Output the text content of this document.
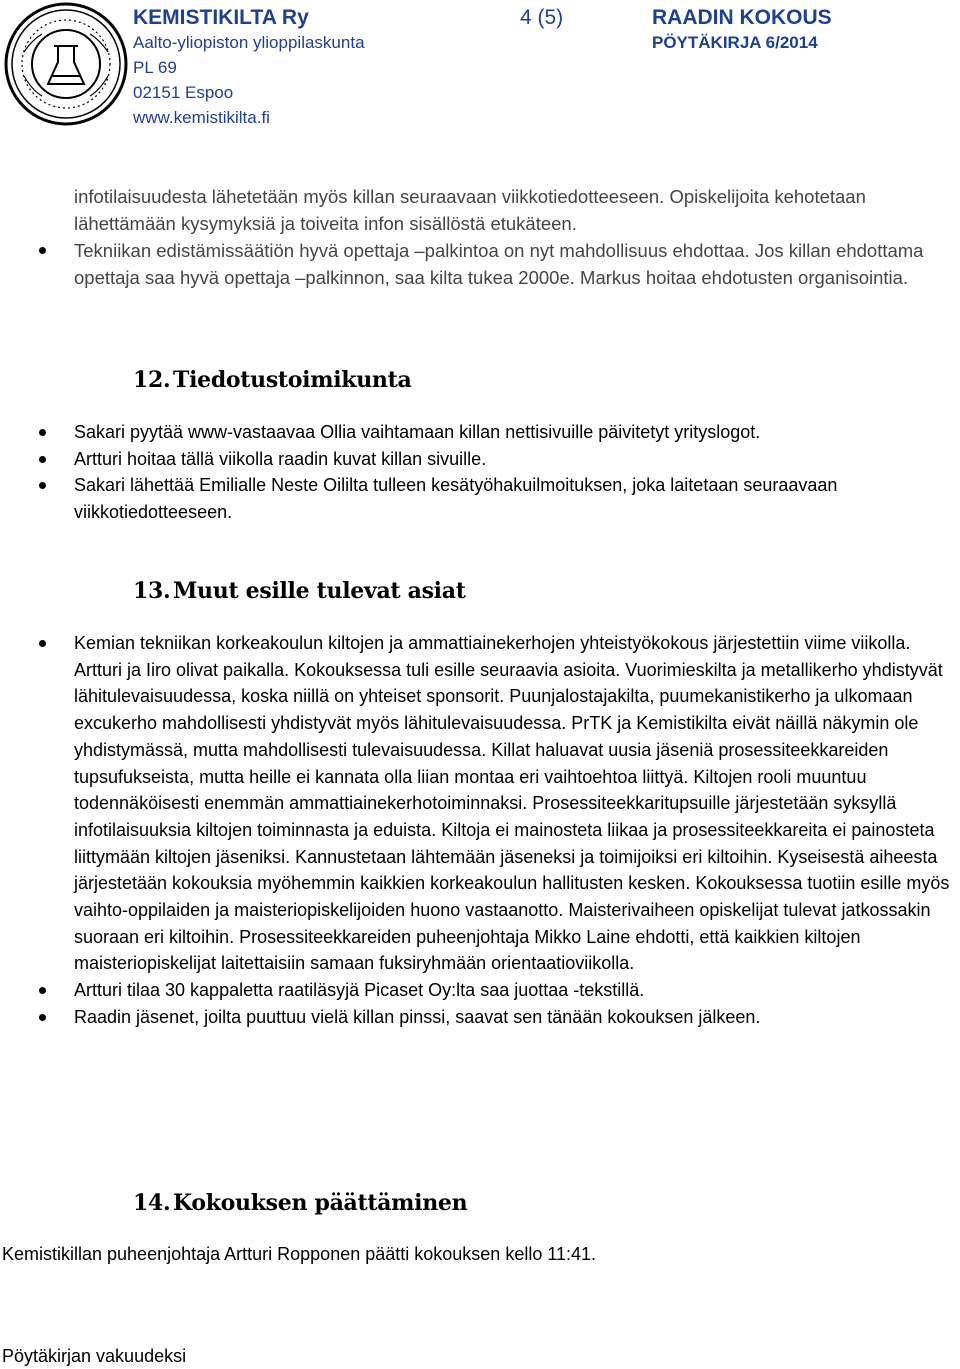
KEMISTIKILTA Ry
Aalto-yliopiston ylioppilaskunta
PL 69
02151 Espoo
www.kemistikilta.fi
4 (5)	RAADIN KOKOUS
PÖYTÄKIRJA 6/2014
infotilaisuudesta lähetetään myös killan seuraavaan viikkotiedotteeseen. Opiskelijoita kehotetaan lähettämään kysymyksiä ja toiveita infon sisällöstä etukäteen.
Tekniikan edistämissäätiön hyvä opettaja –palkintoa on nyt mahdollisuus ehdottaa. Jos killan ehdottama opettaja saa hyvä opettaja –palkinnon, saa kilta tukea 2000e. Markus hoitaa ehdotusten organisointia.
12. Tiedotustoimikunta
Sakari pyytää www-vastaavaa Ollia vaihtamaan killan nettisivuille päivitetyt yrityslogot.
Artturi hoitaa tällä viikolla raadin kuvat killan sivuille.
Sakari lähettää Emilialle Neste Oililta tulleen kesätyöhakuilmoituksen, joka laitetaan seuraavaan viikkotiedotteeseen.
13. Muut esille tulevat asiat
Kemian tekniikan korkeakoulun kiltojen ja ammattiainekerhojen yhteistyökokous järjestettiin viime viikolla. Artturi ja Iiro olivat paikalla. Kokouksessa tuli esille seuraavia asioita. Vuorimieskilta ja metallikerho yhdistyvät lähitulevaisuudessa, koska niillä on yhteiset sponsorit. Puunjalostajakilta, puumekanistikerho ja ulkomaan excukerho mahdollisesti yhdistyvät myös lähitulevaisuudessa. PrTK ja Kemistikilta eivät näillä näkymin ole yhdistymässä, mutta mahdollisesti tulevaisuudessa. Killat haluavat uusia jäseniä prosessiteekkareiden tupsufukseista, mutta heille ei kannata olla liian montaa eri vaihtoehtoa liittyä. Kiltojen rooli muuntuu todennäköisesti enemmän ammattiainekerhotoiminnaksi. Prosessiteekkaritupsuille järjestetään syksyllä infotilaisuuksia kiltojen toiminnasta ja eduista. Kiltoja ei mainosteta liikaa ja prosessiteekkareita ei painosteta liittymään kiltojen jäseniksi. Kannustetaan lähtemään jäseneksi ja toimijoiksi eri kiltoihin. Kyseisestä aiheesta järjestetään kokouksia myöhemmin kaikkien korkeakoulun hallitusten kesken. Kokouksessa tuotiin esille myös vaihto-oppilaiden ja maisteriopiskelijoiden huono vastaanotto. Maisterivaiheen opiskelijat tulevat jatkossakin suoraan eri kiltoihin. Prosessiteekkareiden puheenjohtaja Mikko Laine ehdotti, että kaikkien kiltojen maisteriopiskelijat laitettaisiin samaan fuksiryhmään orientaatioviikolla.
Artturi tilaa 30 kappaletta raatiläsyjä Picaset Oy:lta saa juottaa -tekstillä.
Raadin jäsenet, joilta puuttuu vielä killan pinssi, saavat sen tänään kokouksen jälkeen.
14. Kokouksen päättäminen

Kemistikillan puheenjohtaja Artturi Ropponen päätti kokouksen kello 11:41.

Pöytäkirjan vakuudeksi
